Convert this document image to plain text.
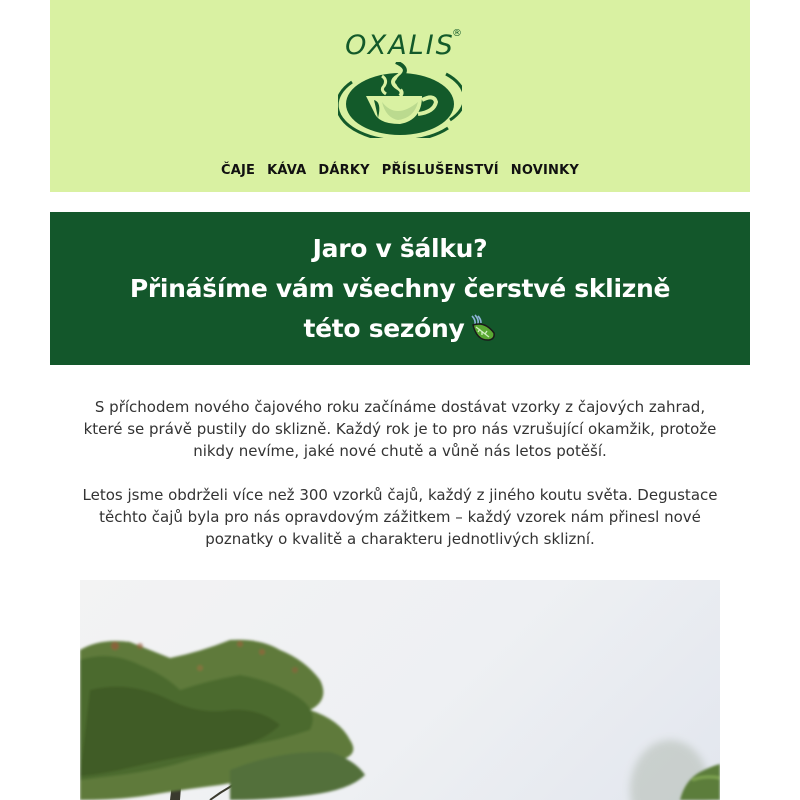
OXALIS
®
ČAJE KÁVA DÁRKY PŘÍSLUŠENSTVÍ NOVINKY
Jaro v šálku?
Přinášíme vám všechny čerstvé sklizně
této sezóny

S příchodem nového čajového roku začínáme dostávat vzorky z čajových zahrad, které se právě pustily do sklizně. Každý rok je to pro nás vzrušující okamžik, protože nikdy nevíme, jaké nové chutě a vůně nás letos potěší.

Letos jsme obdrželi více než 300 vzorků čajů, každý z jiného koutu světa. Degustace těchto čajů byla pro nás opravdovým zážitkem – každý vzorek nám přinesl nové poznatky o kvalitě a charakteru jednotlivých sklizní.
